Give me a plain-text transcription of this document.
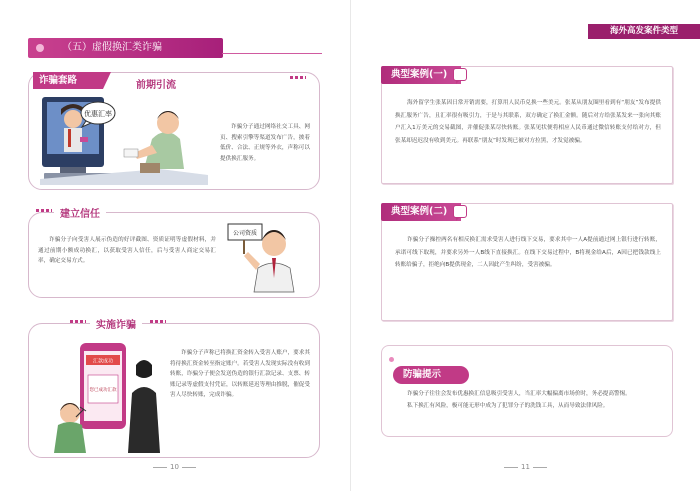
（五）虚假换汇类诈骗
诈骗套路	前期引流
优惠汇率
诈骗分子通过网络社交工具、网页、搜索引擎等渠道发布广告，披着低价、合法、正规等外衣，声称可以提供换汇服务。
建立信任
诈骗分子向受害人展示伪造的好评截图、资质证明等虚假材料，并通过前期小额成功换汇，以获取受害人信任，后与受害人商定交易汇率，确定交易方式。
公司资质
实施诈骗
汇款成功
您已成功汇款
诈骗分子声称已将换汇资金转入受害人账户，要求其将待换汇资金转至指定账户。若受害人发现实际没有收到转账，诈骗分子便会发送伪造的银行汇款记录、支票、转账记录等虚假支付凭证，以转账延迟等理由推脱，催促受害人尽快转账，完成诈骗。
10
海外高发案件类型
典型案例(一)
海外留学生张某因日常开销需要，打算用人民币兑换一些美元。张某从朋友圈里看到有“朋友”发布提供换汇服务广告，且汇率很有吸引力，于是与其联系，双方确定了换汇金额。随后对方给张某发来一张向其账户汇入1万美元的交易截图，并催促张某尽快转账。张某见状便将相应人民币通过微信转账支付给对方，但张某却迟迟没有收到美元。再联系“朋友”时发现已被对方拉黑，才发觉被骗。
典型案例(二)
诈骗分子操控两名有相反换汇需求受害人进行线下交易，要求其中一人A提前通过网上银行进行转账，承诺可线下取现，并要求另外一人B线下直接换汇。在线下交易过程中，B将现金给A后，A因已把钱款线上转账给骗子，拒绝向B提供现金，二人因此产生纠纷，受害被骗。
防骗提示

诈骗分子往往会发布优惠换汇信息吸引受害人，当汇率大幅偏离市场价时，务必提高警惕。

私下换汇有风险，极可能无形中成为了犯罪分子的洗钱工具，从而导致法律风险。

11
